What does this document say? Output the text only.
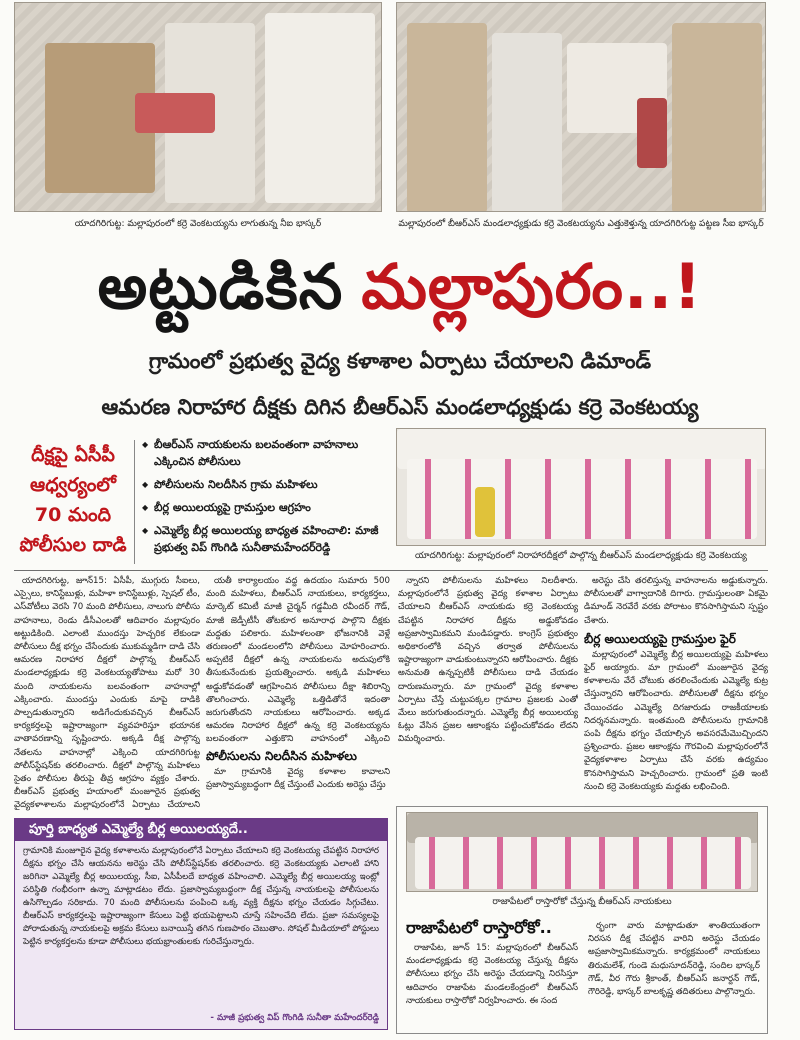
యాదగిరిగుట్ట: మల్లాపురంలో కర్రె వెంకటయ్యను లాగుతున్న నీఐ భాస్కర్	మల్లాపురంలో బీఆర్ఎస్ మండలాధ్యక్షుడు కర్రె వెంకటయ్యను ఎత్తుకెళ్తున్న యాదగిరిగుట్ట పట్టణ సీఐ భాస్కర్
అట్టుడికిన మల్లాపురం..!
గ్రామంలో ప్రభుత్వ వైద్య కళాశాల ఏర్పాటు చేయాలని డిమాండ్
ఆమరణ నిరాహార దీక్షకు దిగిన బీఆర్ఎస్ మండలాధ్యక్షుడు కర్రె వెంకటయ్య
దీక్షపై ఏసీపీ
ఆధ్వర్యంలో
70 మంది
పోలీసుల దాడి
◆ బీఆర్ఎస్ నాయకులను బలవంతంగా వాహనాలు ఎక్కించిన పోలీసులు
◆ పోలీసులను నిలదీసిన గ్రామ మహిళలు
◆ బీర్ల అయిలయ్యపై గ్రామస్తుల ఆగ్రహం
◆ ఎమ్మెల్యే బీర్ల అయిలయ్య బాధ్యత వహించాలి: మాజీ ప్రభుత్వ విప్ గొంగిడి సునీతామహేందర్‌రెడ్డి
యాదగిరిగుట్ట: మల్లాపురంలో నిరాహారదీక్షలో పాల్గొన్న బీఆర్ఎస్ మండలాధ్యక్షుడు కర్రె వెంకటయ్య

యాదగిరిగుట్ట, జూన్15: ఏసీపీ, ముగ్గురు సీఐలు, ఎస్సైలు, కానిస్టేబుళ్లు, మహిళా కానిస్టేబుళ్లు, స్పెషల్ టీం, ఎస్‌వోటీలు వెరసి 70 మంది పోలీసులు, నాలుగు పోలీసు వాహనాలు, రెండు డీసీఎంలతో ఆదివారం మల్లాపురం అట్టుడికింది. ఎలాంటి ముందస్తు హెచ్చరిక లేకుండా పోలీసులు దీక్ష భగ్నం చేసేందుకు ముకుమ్మడిగా దాడి చేసి ఆమరణ నిరాహార దీక్షలో పాల్గొన్న బీఆర్ఎస్ మండలాధ్యక్షుడు కర్రె వెంకటయ్యతోపాటు మరో 30 మంది నాయకులను బలవంతంగా వాహనాల్లో ఎక్కించారు. ముందస్తు ఎందుకు మాపై దాడికి పాల్పడుతున్నారని అడిగేందుకువచ్చిన బీఆర్ఎస్ కార్యకర్తలపై ఇష్టారాజ్యంగా వ్యవహరిస్తూ భయానక వాతావరణాన్ని సృష్టించారు. అక్కడి దీక్ష పాల్గొన్న నేతలను వాహనాల్లో ఎక్కించి యాదగిరిగుట్ట పోలీస్‌స్టేషన్‌కు తరలించారు. దీక్షలో పాల్గొన్న మహిళలు సైతం పోలీసుల తీరుపై తీవ్ర ఆగ్రహం వ్యక్తం చేశారు. బీఆర్ఎస్ ప్రభుత్వ హయాంలో మంజూరైన ప్రభుత్వ వైద్యకళాశాలను మల్లాపురంలోనే ఏర్పాటు చేయాలని

యతీ కార్యాలయం వద్ద ఉదయం సుమారు 500 మంది మహిళలు, బీఆర్ఎస్ నాయకులు, కార్యకర్తలు, మార్కెట్ కమిటీ మాజీ చైర్మన్ గడ్డమీది రవీందర్ గౌడ్, మాజీ జెడ్పీటీసీ తోటకూర అనూరాధ పాల్గొని దీక్షకు మద్దతు పలికారు. మహిళలంతా భోజనానికి వెళ్లే తరుణంలో మండలంలోని పోలీసులు మోహరించారు. అప్పటికే దీక్షలో ఉన్న నాయకులను అదుపులోకి తీసుకునేందుకు ప్రయత్నించారు. అక్కడి మహిళలు అడ్డుకోవడంతో ఆగ్రహించిన పోలీసులు దీక్షా శిబిరాన్ని తొలగించారు. ఎమ్మెల్యే ఒత్తిడితోనే ఇదంతా జరుగుతోందని నాయకులు ఆరోపించారు. అక్కడ ఆమరణ నిరాహార దీక్షలో ఉన్న కర్రె వెంకటయ్యను బలవంతంగా ఎత్తుకొని వాహనంలో ఎక్కించి

పోలీసులను నిలదీసిన మహిళలు

మా గ్రామానికి వైద్య కళాశాల కావాలని ప్రజాస్వామ్యబద్ధంగా దీక్ష చేస్తుంటే ఎందుకు అరెస్టు చేస్తు

న్నారని పోలీసులను మహిళలు నిలదీశారు. మల్లాపురంలోనే ప్రభుత్వ వైద్య కళాశాల ఏర్పాటు చేయాలని బీఆర్ఎస్ నాయకుడు కర్రె వెంకటయ్య చేపట్టిన నిరాహార దీక్షను అడ్డుకోవడం అప్రజాస్వామికమని మండిపడ్డారు. కాంగ్రెస్ ప్రభుత్వం అధికారంలోకి వచ్చిన తర్వాత పోలీసులను ఇష్టారాజ్యంగా వాడుకుంటున్నారని ఆరోపించారు. దీక్షకు అనుమతి ఉన్నప్పటికీ పోలీసులు దాడి చేయడం దారుణమన్నారు. మా గ్రామంలో వైద్య కళాశాల ఏర్పాటు చేస్తే చుట్టుపక్కల గ్రామాల ప్రజలకు ఎంతో మేలు జరుగుతుందన్నారు. ఎమ్మెల్యే బీర్ల అయిలయ్య ఓట్లు వేసిన ప్రజల ఆకాంక్షను పట్టించుకోవడం లేదని విమర్శించారు.

అరెస్టు చేసి తరలిస్తున్న వాహనాలను అడ్డుకున్నారు. పోలీసులతో వాగ్వాదానికి దిగారు. గ్రామస్తులంతా ఏకమై డిమాండ్ నెరవేరే వరకు పోరాటం కొనసాగిస్తామని స్పష్టం చేశారు.

బీర్ల అయిలయ్యపై గ్రామస్తుల ఫైర్

మల్లాపురంలో ఎమ్మెల్యే బీర్ల అయిలయ్యపై మహిళలు ఫైర్ అయ్యారు. మా గ్రామంలో మంజూరైన వైద్య కళాశాలను వేరే చోటుకు తరలించేందుకు ఎమ్మెల్యే కుట్ర చేస్తున్నారని ఆరోపించారు. పోలీసులతో దీక్షను భగ్నం చేయించడం ఎమ్మెల్యే దిగజారుడు రాజకీయాలకు నిదర్శనమన్నారు. ఇంతమంది పోలీసులను గ్రామానికి పంపి దీక్షను భగ్నం చేయాల్సిన అవసరమేమొచ్చిందని ప్రశ్నించారు. ప్రజల ఆకాంక్షను గౌరవించి మల్లాపురంలోనే వైద్యకళాశాల ఏర్పాటు చేసే వరకు ఉద్యమం కొనసాగిస్తామని హెచ్చరించారు. గ్రామంలో ప్రతి ఇంటి నుంచి కర్రె వెంకటయ్యకు మద్దతు లభించింది.

పూర్తి బాధ్యత ఎమ్మెల్యే బీర్ల అయిలయ్యదే..
గ్రామానికి మంజూరైన వైద్య కళాశాలను మల్లాపురంలోనే ఏర్పాటు చేయాలని కర్రె వెంకటయ్య చేపట్టిన నిరాహార దీక్షను భగ్నం చేసి ఆయనను అరెస్టు చేసి పోలీస్‌స్టేషన్‌కు తరలించారు. కర్రె వెంకటయ్యకు ఎలాంటి హాని జరిగినా ఎమ్మెల్యే బీర్ల అయిలయ్య, సీఐ, ఏసీపీలదే బాధ్యత వహించాలి. ఎమ్మెల్యే బీర్ల అయిలయ్య ఇంట్లో పరిస్థితి గంభీరంగా ఉన్నా మాట్లాడటం లేదు. ప్రజాస్వామ్యబద్ధంగా దీక్ష చేస్తున్న నాయకులపై పోలీసులను ఉసిగొల్పడం సరికాదు. 70 మంది పోలీసులను పంపించి ఒక్క వ్యక్తి దీక్షను భగ్నం చేయడం సిగ్గుచేటు. బీఆర్ఎస్ కార్యకర్తలపై ఇష్టారాజ్యంగా కేసులు పెట్టి భయపెట్టాలని చూస్తే సహించేది లేదు. ప్రజా సమస్యలపై పోరాడుతున్న నాయకులపై అక్రమ కేసులు బనాయిస్తే తగిన గుణపాఠం చెబుతాం. సోషల్ మీడియాలో పోస్టులు పెట్టిన కార్యకర్తలను కూడా పోలీసులు భయభ్రాంతులకు గురిచేస్తున్నారు.
- మాజీ ప్రభుత్వ విప్ గొంగిడి సునీతా మహేందర్‌రెడ్డి
రాజాపేటలో రాస్తారోకో చేస్తున్న బీఆర్ఎస్ నాయకులు
రాజాపేటలో రాస్తారోకో..

రాజాపేట, జూన్ 15: మల్లాపురంలో బీఆర్ఎస్ మండలాధ్యక్షుడు కర్రె వెంకటయ్య చేస్తున్న దీక్షను పోలీసులు భగ్నం చేసి అరెస్టు చేయడాన్ని నిరసిస్తూ ఆదివారం రాజాపేట మండలకేంద్రంలో బీఆర్ఎస్ నాయకులు రాస్తారోకో నిర్వహించారు. ఈ సంద

ర్భంగా వారు మాట్లాడుతూ శాంతియుతంగా నిరసన దీక్ష చేపట్టిన వారిని అరెస్టు చేయడం అప్రజాస్వామికమన్నారు. కార్యక్రమంలో నాయకులు తిరుమలేశ్, గుండె మధుసూదన్‌రెడ్డి, సందిల భాస్కర్ గౌడ్, వీర గౌరు శ్రీకాంత్, బీఆర్ఎస్ జనార్దన్ గౌడ్, గౌరిరెడ్డి, భాస్కర్ బాలకృష్ణ తదితరులు పాల్గొన్నారు.
